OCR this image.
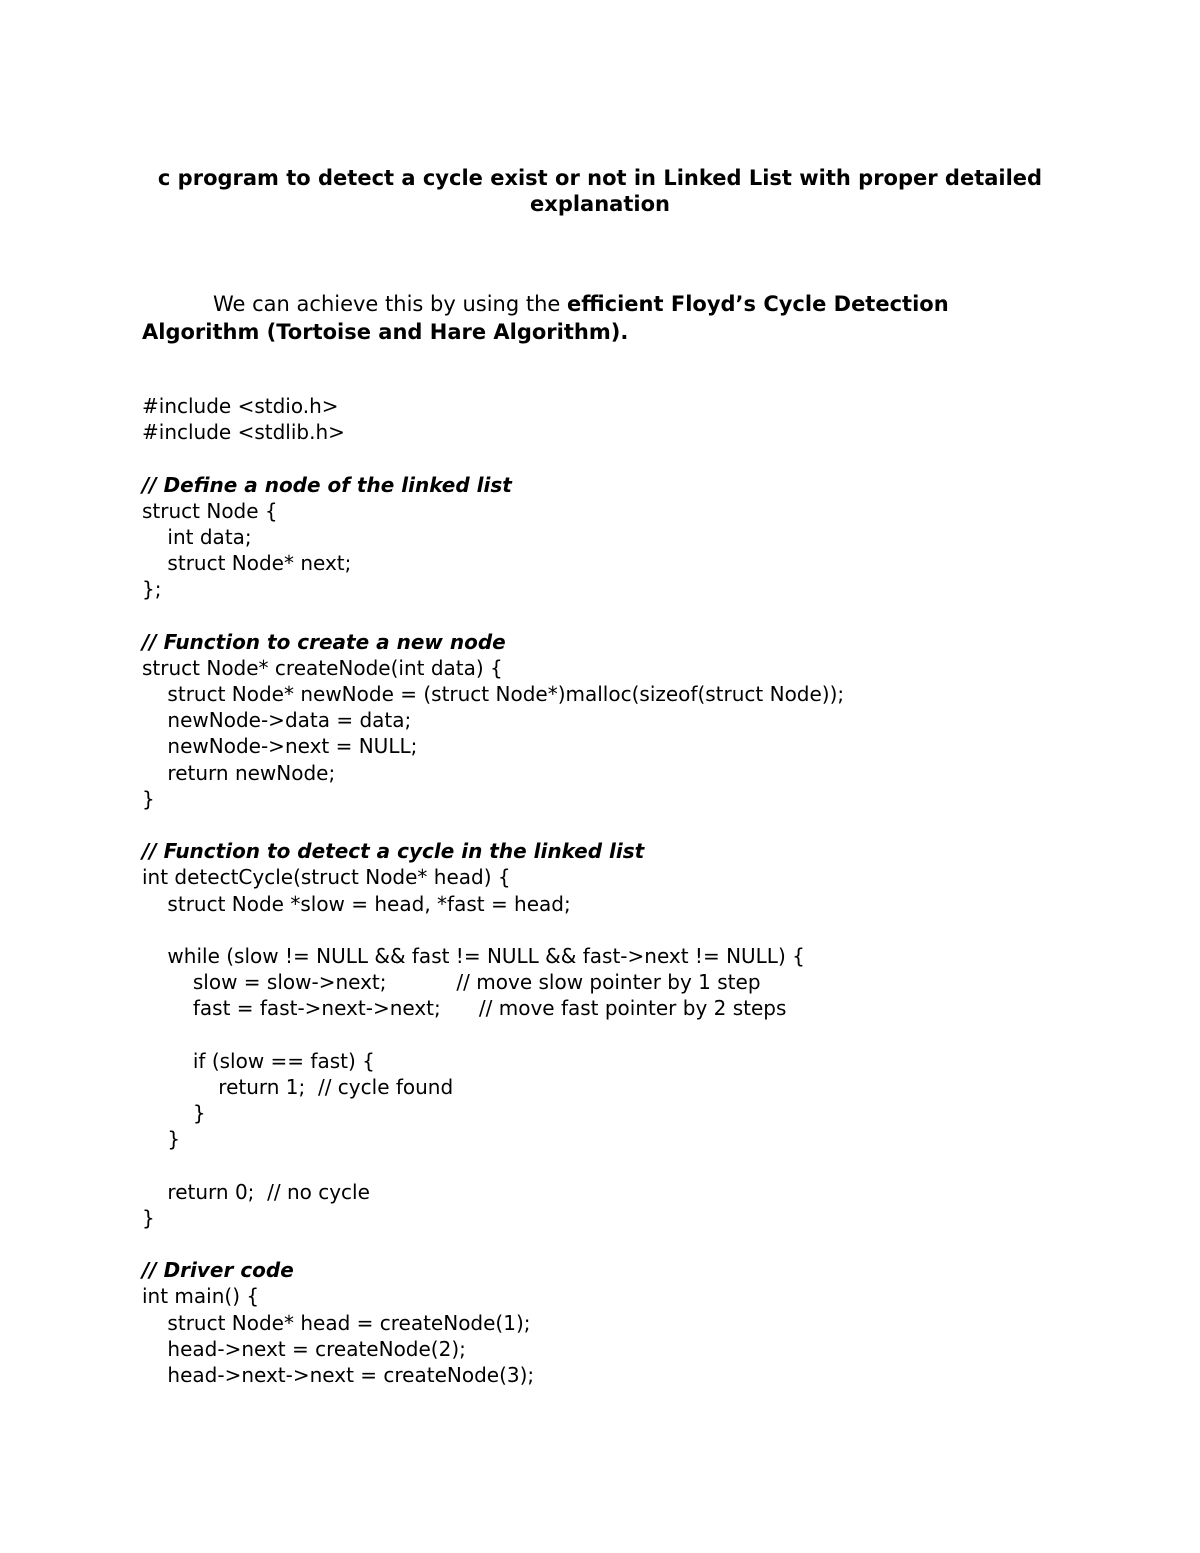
c program to detect a cycle exist or not in Linked List with proper detailed
explanation
We can achieve this by using the efficient Floyd’s Cycle Detection
Algorithm (Tortoise and Hare Algorithm).
#include <stdio.h>
#include <stdlib.h>
// Define a node of the linked list
struct Node {
int data;
struct Node* next;
};
// Function to create a new node
struct Node* createNode(int data) {
struct Node* newNode = (struct Node*)malloc(sizeof(struct Node));
newNode->data = data;
newNode->next = NULL;
return newNode;
}
// Function to detect a cycle in the linked list
int detectCycle(struct Node* head) {
struct Node *slow = head, *fast = head;
while (slow != NULL && fast != NULL && fast->next != NULL) {
slow = slow->next;           // move slow pointer by 1 step
fast = fast->next->next;      // move fast pointer by 2 steps
if (slow == fast) {
return 1;  // cycle found
}
}
return 0;  // no cycle
}
// Driver code
int main() {
struct Node* head = createNode(1);
head->next = createNode(2);
head->next->next = createNode(3);
